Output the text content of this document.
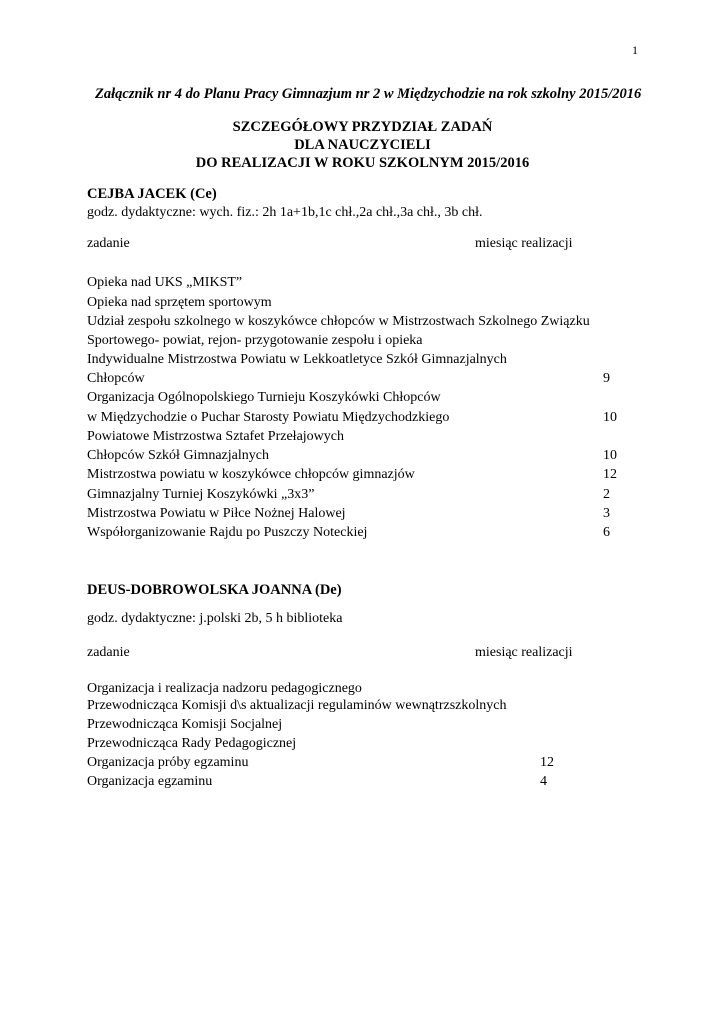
1
Załącznik nr 4 do Planu Pracy Gimnazjum nr 2 w Międzychodzie na rok szkolny 2015/2016
SZCZEGÓŁOWY PRZYDZIAŁ ZADAŃ
DLA NAUCZYCIELI
DO REALIZACJI W ROKU SZKOLNYM 2015/2016
CEJBA JACEK (Ce)
godz. dydaktyczne: wych. fiz.: 2h 1a+1b,1c chł.,2a chł.,3a chł., 3b chł.
zadanie	miesiąc realizacji
Opieka nad UKS „MIKST”
Opieka nad sprzętem sportowym
Udział zespołu szkolnego w koszykówce chłopców w Mistrzostwach Szkolnego Związku
Sportowego- powiat, rejon- przygotowanie zespołu i opieka
Indywidualne Mistrzostwa Powiatu w Lekkoatletyce Szkół Gimnazjalnych
Chłopców	9
Organizacja Ogólnopolskiego Turnieju Koszykówki Chłopców
w Międzychodzie o Puchar Starosty Powiatu Międzychodzkiego	10
Powiatowe Mistrzostwa Sztafet Przełajowych
Chłopców Szkół Gimnazjalnych	10
Mistrzostwa powiatu w koszykówce chłopców gimnazjów	12
Gimnazjalny Turniej Koszykówki „3x3”	2
Mistrzostwa Powiatu w Piłce Nożnej Halowej	3
Współorganizowanie Rajdu po Puszczy Noteckiej	6
DEUS-DOBROWOLSKA JOANNA (De)
godz. dydaktyczne: j.polski 2b, 5 h biblioteka
zadanie	miesiąc realizacji
Organizacja i realizacja nadzoru pedagogicznego
Przewodnicząca Komisji d\s aktualizacji regulaminów wewnątrzszkolnych
Przewodnicząca Komisji Socjalnej
Przewodnicząca Rady Pedagogicznej
Organizacja próby egzaminu	12
Organizacja egzaminu	4
